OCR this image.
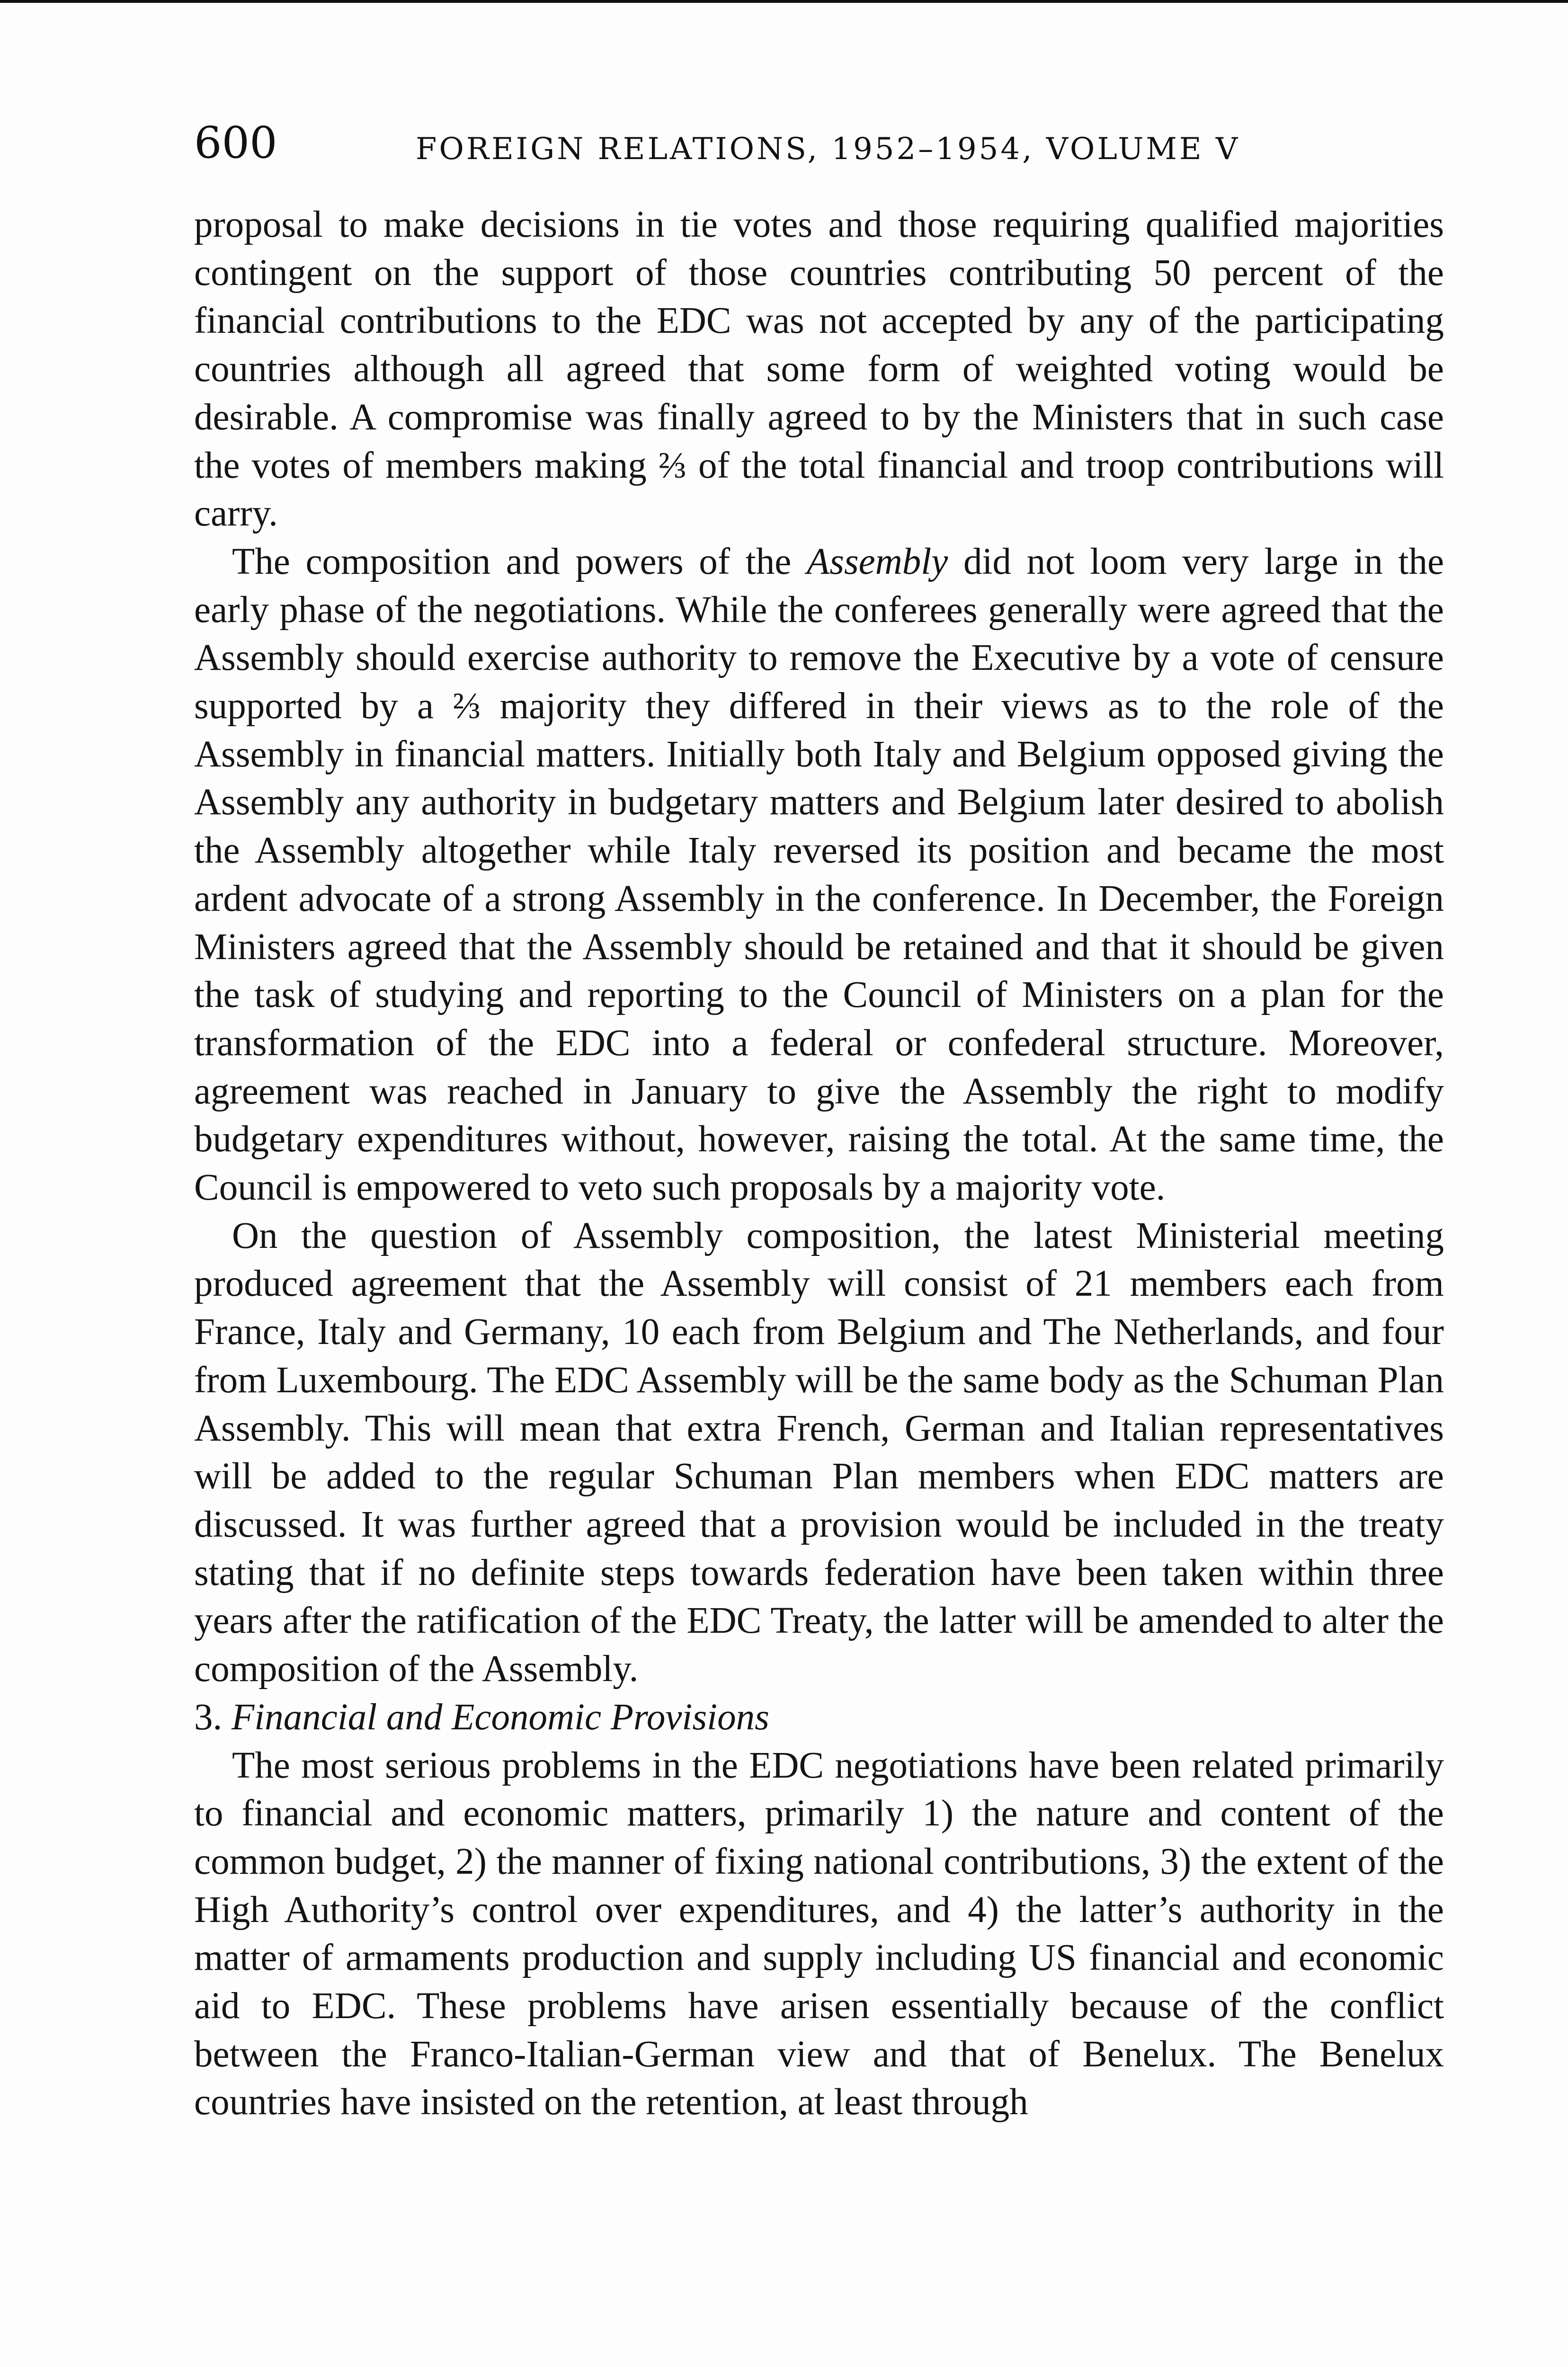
600	FOREIGN RELATIONS, 1952–1954, VOLUME V

proposal to make decisions in tie votes and those requiring qualified majorities contingent on the support of those countries contributing 50 percent of the financial contributions to the EDC was not accepted by any of the participating countries although all agreed that some form of weighted voting would be desirable. A compromise was finally agreed to by the Ministers that in such case the votes of members making ⅔ of the total financial and troop contributions will carry.

The composition and powers of the Assembly did not loom very large in the early phase of the negotiations. While the conferees generally were agreed that the Assembly should exercise authority to remove the Executive by a vote of censure supported by a ⅔ majority they differed in their views as to the role of the Assembly in financial matters. Initially both Italy and Belgium opposed giving the Assembly any authority in budgetary matters and Belgium later desired to abolish the Assembly altogether while Italy reversed its position and became the most ardent advocate of a strong Assembly in the conference. In December, the Foreign Ministers agreed that the Assembly should be retained and that it should be given the task of studying and reporting to the Council of Ministers on a plan for the transformation of the EDC into a federal or confederal structure. Moreover, agreement was reached in January to give the Assembly the right to modify budgetary expenditures without, however, raising the total. At the same time, the Council is empowered to veto such proposals by a majority vote.

On the question of Assembly composition, the latest Ministerial meeting produced agreement that the Assembly will consist of 21 members each from France, Italy and Germany, 10 each from Belgium and The Netherlands, and four from Luxembourg. The EDC Assembly will be the same body as the Schuman Plan Assembly. This will mean that extra French, German and Italian representatives will be added to the regular Schuman Plan members when EDC matters are discussed. It was further agreed that a provision would be included in the treaty stating that if no definite steps towards federation have been taken within three years after the ratification of the EDC Treaty, the latter will be amended to alter the composition of the Assembly.

3. Financial and Economic Provisions

The most serious problems in the EDC negotiations have been related primarily to financial and economic matters, primarily 1) the nature and content of the common budget, 2) the manner of fixing national contributions, 3) the extent of the High Authority’s control over expenditures, and 4) the latter’s authority in the matter of armaments production and supply including US financial and economic aid to EDC. These problems have arisen essentially because of the conflict between the Franco-Italian-German view and that of Benelux. The Benelux countries have insisted on the retention, at least through
